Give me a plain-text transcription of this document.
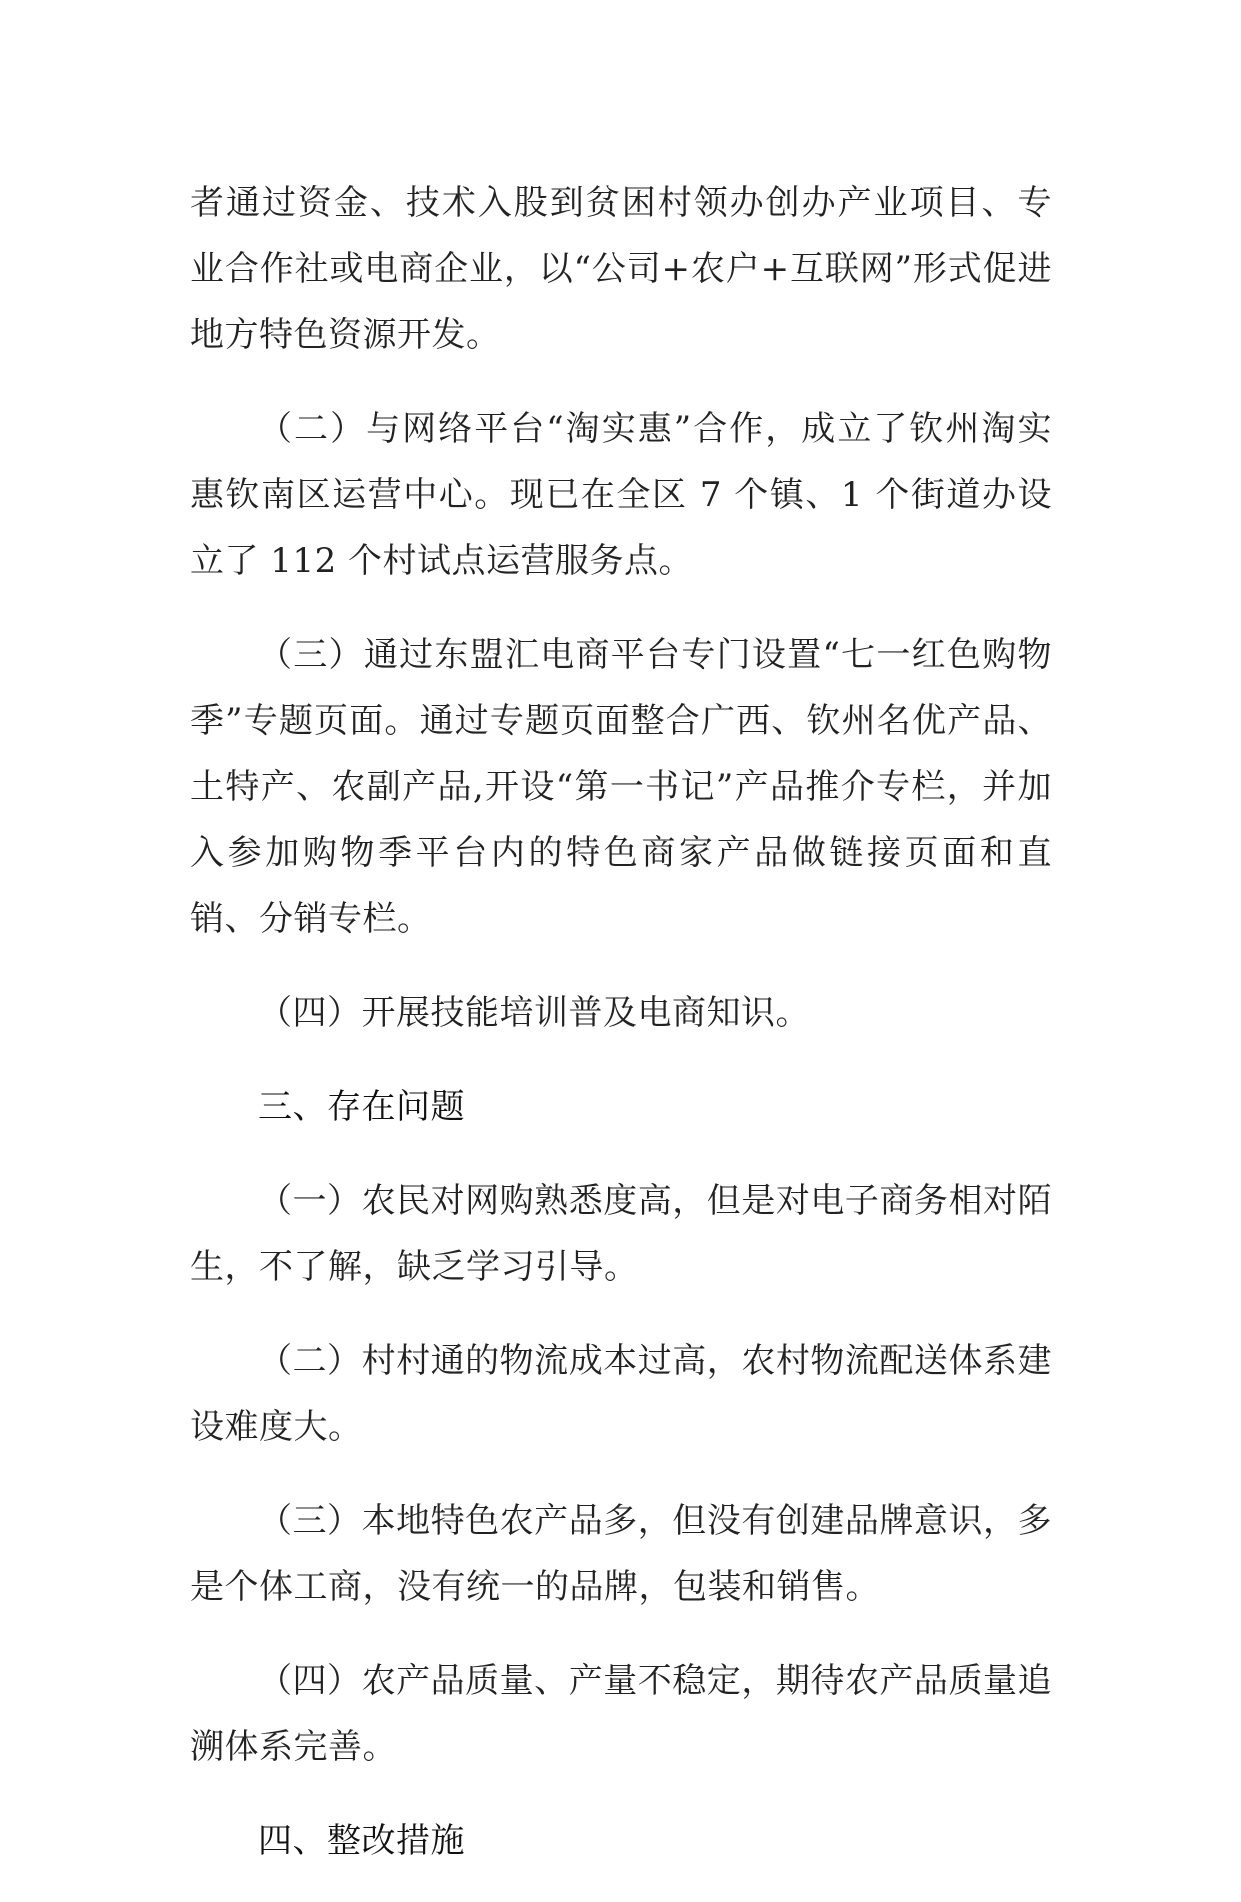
者通过资金、技术入股到贫困村领办创办产业项目、专业合作社或电商企业，以“公司+农户+互联网”形式促进地方特色资源开发。

（二）与网络平台“淘实惠”合作，成立了钦州淘实惠钦南区运营中心。现已在全区 7 个镇、1 个街道办设立了 112 个村试点运营服务点。

（三）通过东盟汇电商平台专门设置“七一红色购物季”专题页面。通过专题页面整合广西、钦州名优产品、土特产、农副产品,开设“第一书记”产品推介专栏，并加入参加购物季平台内的特色商家产品做链接页面和直销、分销专栏。

（四）开展技能培训普及电商知识。

三、存在问题

（一）农民对网购熟悉度高，但是对电子商务相对陌生，不了解，缺乏学习引导。

（二）村村通的物流成本过高，农村物流配送体系建设难度大。

（三）本地特色农产品多，但没有创建品牌意识，多是个体工商，没有统一的品牌，包装和销售。

（四）农产品质量、产量不稳定，期待农产品质量追溯体系完善。

四、整改措施
